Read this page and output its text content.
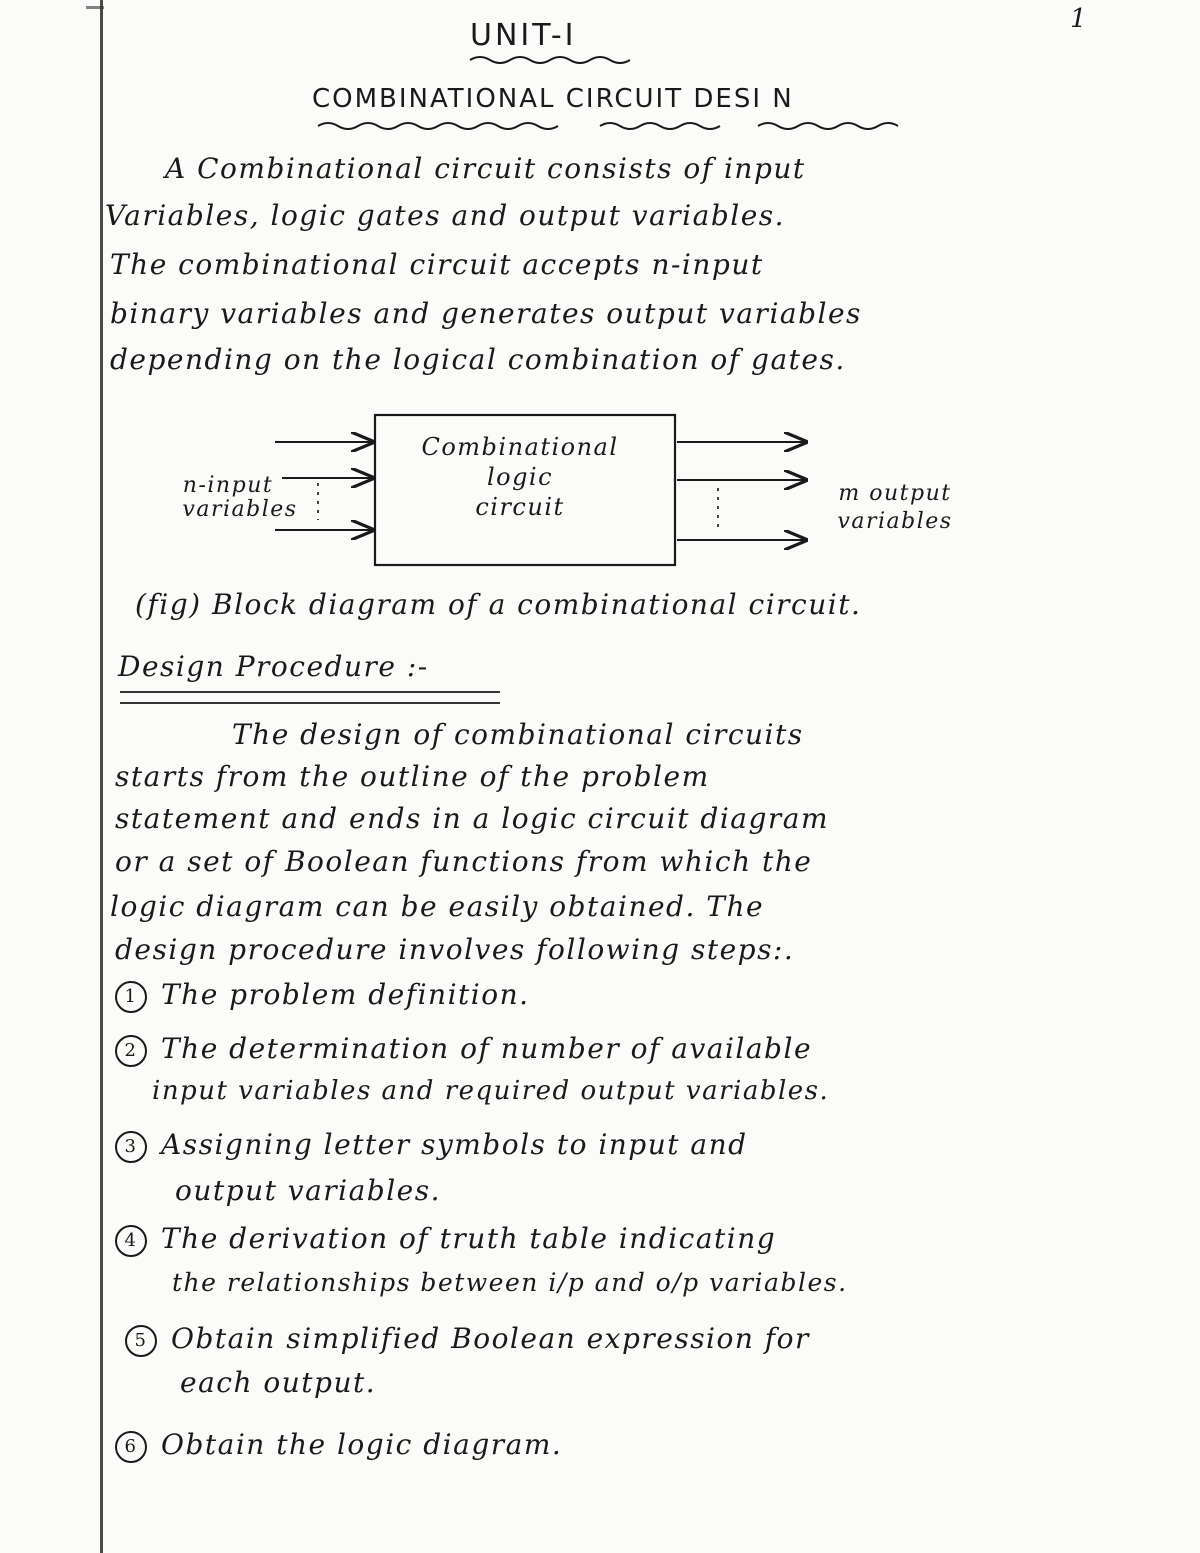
1
UNIT-I
COMBINATIONAL CIRCUIT DESI N
A Combinational circuit consists of input
Variables, logic gates and output variables.
The combinational circuit accepts n-input
binary variables and generates output variables
depending on the logical combination of gates.
Combinational
logic
circuit
n-input
variables
m output
variables
(fig) Block diagram of a combinational circuit.
Design Procedure :-
The design of combinational circuits
starts from the outline of the problem
statement and ends in a logic circuit diagram
or a set of Boolean functions from which the
logic diagram can be easily obtained. The
design procedure involves following steps:.
1 The problem definition.
2 The determination of number of available
input variables and required output variables.
3 Assigning letter symbols to input and
output variables.
4 The derivation of truth table indicating
the relationships between i/p and o/p variables.
5 Obtain simplified Boolean expression for
each output.
6 Obtain the logic diagram.
